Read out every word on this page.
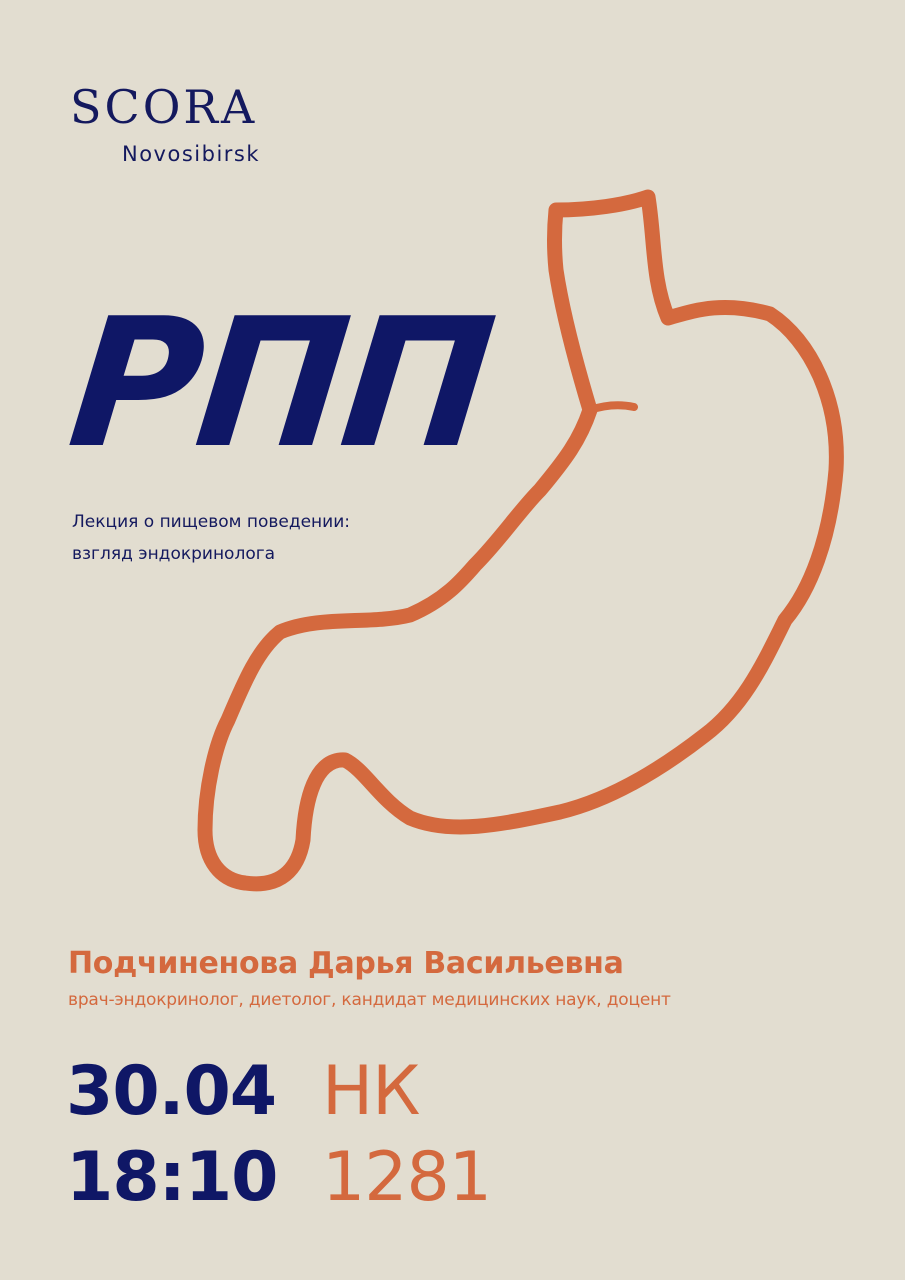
SCORA
Novosibirsk
РПП
Лекция о пищевом поведении:
взгляд эндокринолога
Подчиненова Дарья Васильевна
врач-эндокринолог, диетолог, кандидат медицинских наук, доцент
30.04
18:10
НК
1281
